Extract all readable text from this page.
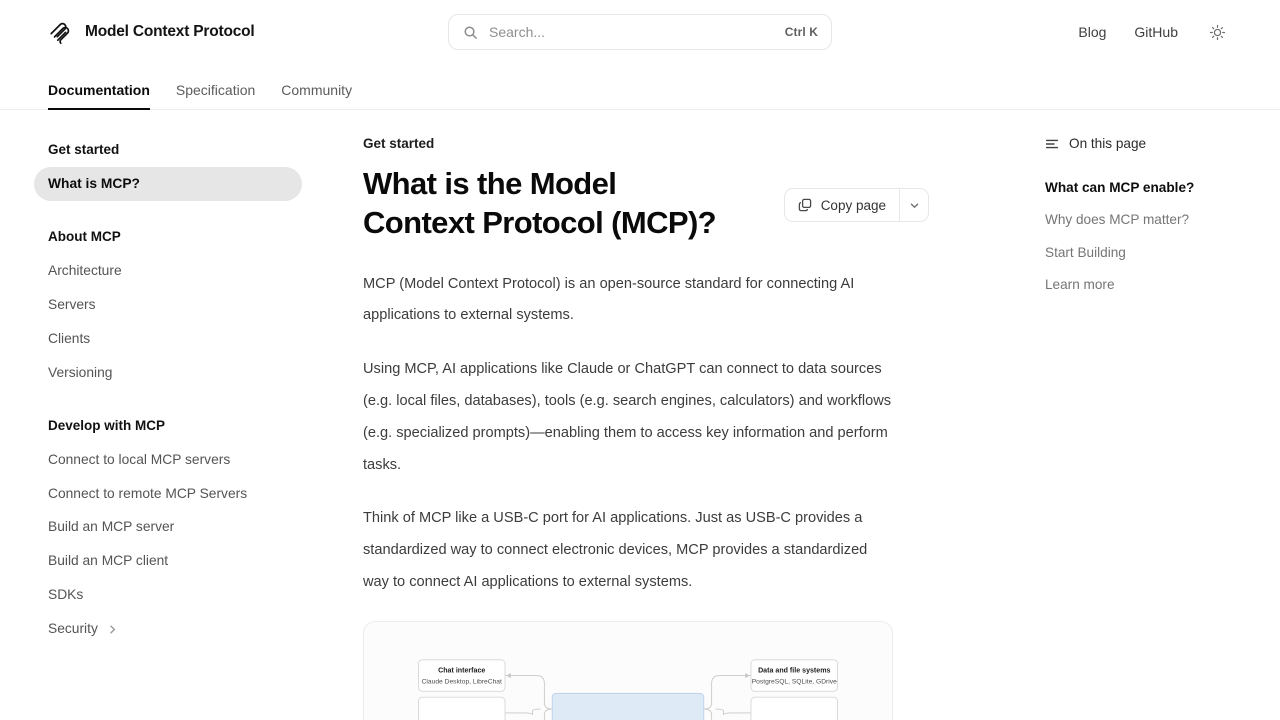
Model Context Protocol	Search...	Ctrl K	Blog	GitHub
Documentation Specification Community
Get started
What is MCP?
About MCP
Architecture
Servers
Clients
Versioning
Develop with MCP
Connect to local MCP servers
Connect to remote MCP Servers
Build an MCP server
Build an MCP client
SDKs
Security
Get started
What is the Model Context Protocol (MCP)?	Copy page

MCP (Model Context Protocol) is an open-source standard for connecting AI applications to external systems.

Using MCP, AI applications like Claude or ChatGPT can connect to data sources (e.g. local files, databases), tools (e.g. search engines, calculators) and workflows (e.g. specialized prompts)—enabling them to access key information and perform tasks.

Think of MCP like a USB-C port for AI applications. Just as USB-C provides a standardized way to connect electronic devices, MCP provides a standardized way to connect AI applications to external systems.

Chat interface
Claude Desktop, LibreChat
Data and file systems
PostgreSQL, SQLite, GDrive
On this page
What can MCP enable?
Why does MCP matter?
Start Building
Learn more
